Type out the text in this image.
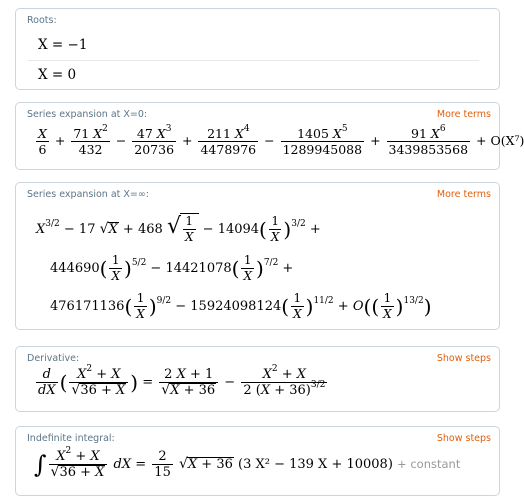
Roots:
X = −1
X = 0
Series expansion at X=0:	More terms
$\frac{X}{6} + \frac{71 X^2}{432} - \frac{47 X^3}{20736} + \frac{211 X^4}{4478976} - \frac{1405 X^5}{1289945088} + \frac{91 X^6}{3439853568} + O(X^7)$
Series expansion at X=∞:	More terms
$X^{3/2} - 17$ √X + 468 √ $\frac{1}{X} - 14094( \frac{1}{X} )^{3/2}$ +
$444690( \frac{1}{X} )^{5/2} - 14421078( \frac{1}{X} )^{7/2}$ +
$476171136( \frac{1}{X} )^{9/2} - 15924098124( \frac{1}{X} )^{11/2} + O(( \frac{1}{X} )^{13/2})$
Derivative:	Show steps
$\frac{d}{dX}$ ( $\frac{X^2 + X}{√36 + X}$ ) = $\frac{2 X + 1}{√X + 36} - \frac{X^2 + X}{2 (X + 36)^{3/2}}$
Indefinite integral:	Show steps
∫ $\frac{X^2 + X}{√36 + X}$ dX = $\frac{2}{15} √X + 36$ (3 X² − 139 X + 10008) + constant
